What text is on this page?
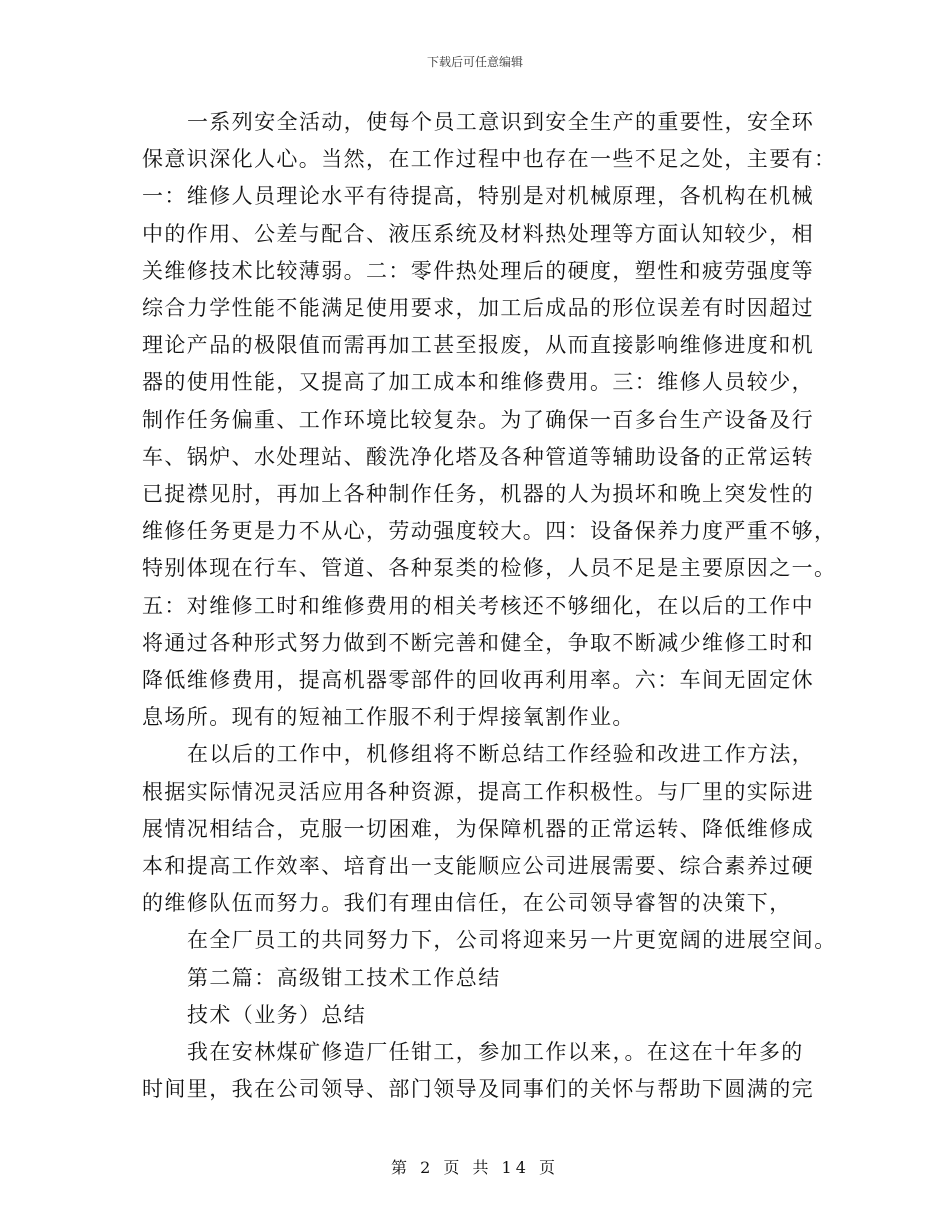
下载后可任意编辑
一系列安全活动，使每个员工意识到安全生产的重要性，安全环
保意识深化人心。当然，在工作过程中也存在一些不足之处，主要有：
一：维修人员理论水平有待提高，特别是对机械原理，各机构在机械
中的作用、公差与配合、液压系统及材料热处理等方面认知较少，相
关维修技术比较薄弱。二：零件热处理后的硬度，塑性和疲劳强度等
综合力学性能不能满足使用要求，加工后成品的形位误差有时因超过
理论产品的极限值而需再加工甚至报废，从而直接影响维修进度和机
器的使用性能，又提高了加工成本和维修费用。三：维修人员较少，
制作任务偏重、工作环境比较复杂。为了确保一百多台生产设备及行
车、锅炉、水处理站、酸洗净化塔及各种管道等辅助设备的正常运转
已捉襟见肘，再加上各种制作任务，机器的人为损坏和晚上突发性的
维修任务更是力不从心，劳动强度较大。四：设备保养力度严重不够，
特别体现在行车、管道、各种泵类的检修，人员不足是主要原因之一。
五：对维修工时和维修费用的相关考核还不够细化，在以后的工作中
将通过各种形式努力做到不断完善和健全，争取不断减少维修工时和
降低维修费用，提高机器零部件的回收再利用率。六：车间无固定休
息场所。现有的短袖工作服不利于焊接氧割作业。
在以后的工作中，机修组将不断总结工作经验和改进工作方法，
根据实际情况灵活应用各种资源，提高工作积极性。与厂里的实际进
展情况相结合，克服一切困难，为保障机器的正常运转、降低维修成
本和提高工作效率、培育出一支能顺应公司进展需要、综合素养过硬
的维修队伍而努力。我们有理由信任，在公司领导睿智的决策下，
在全厂员工的共同努力下，公司将迎来另一片更宽阔的进展空间。
第二篇：高级钳工技术工作总结
技术（业务）总结
我在安林煤矿修造厂任钳工，参加工作以来，。在这在十年多的
时间里，我在公司领导、部门领导及同事们的关怀与帮助下圆满的完
第 2 页 共 14 页
